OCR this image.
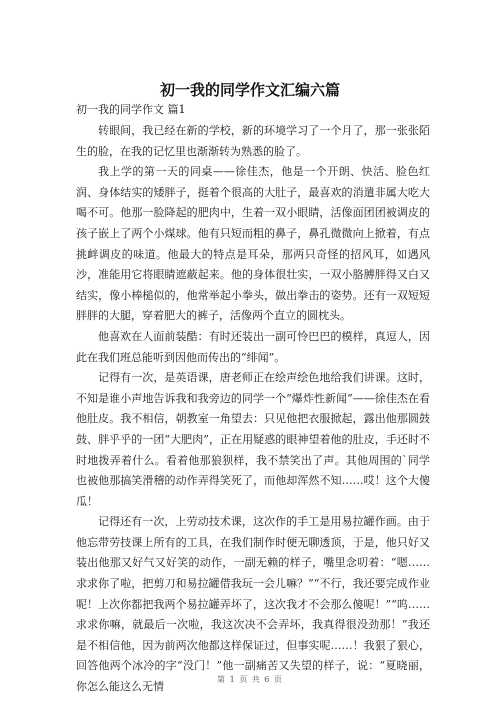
初一我的同学作文汇编六篇
初一我的同学作文 篇1

转眼间，我已经在新的学校，新的环境学习了一个月了，那一张张陌生的脸，在我的记忆里也渐渐转为熟悉的脸了。

我上学的第一天的同桌——徐佳杰，他是一个开朗、快活、脸色红润、身体结实的矮胖子，挺着个很高的大肚子，最喜欢的消遣非属大吃大喝不可。他那一脸降起的肥肉中，生着一双小眼睛，活像面团团被调皮的孩子嵌上了两个小煤球。他有只短而粗的鼻子，鼻孔微微向上掀着，有点挑衅调皮的味道。他最大的特点是耳朵，那两只奇怪的招风耳，如遇风沙，准能用它将眼睛遮蔽起来。他的身体很壮实，一双小胳膊胖得又白又结实，像小棒槌似的，他常举起小拳头，做出拳击的姿势。还有一双短短胖胖的大腿，穿着肥大的裤子，活像两个直立的圆枕头。

他喜欢在人面前装酷：有时还装出一副可怜巴巴的模样，真逗人，因此在我们班总能听到因他而传出的“绯闻”。

记得有一次，是英语课，唐老师正在绘声绘色地给我们讲课。这时，不知是谁小声地告诉我和我旁边的同学一个“爆炸性新闻”——徐佳杰在看他肚皮。我不相信，朝教室一角望去：只见他把衣服掀起，露出他那圆鼓鼓、胖乎乎的一团“大肥肉”，正在用疑惑的眼神望着他的肚皮，手还时不时地拨弄着什么。看着他那狼狈样，我不禁笑出了声。其他周围的`同学也被他那搞笑滑稽的动作弄得笑死了，而他却浑然不知……哎！这个大傻瓜！

记得还有一次，上劳动技术课，这次作的手工是用易拉罐作画。由于他忘带劳技课上所有的工具，在我们制作时便无聊透顶，于是，他只好又装出他那又好气又好笑的动作，一副无赖的样子，嘴里念叨着：“嗯……求求你了啦，把剪刀和易拉罐借我玩一会儿嘛？”“不行，我还要完成作业呢！上次你都把我两个易拉罐弄坏了，这次我才不会那么傻呢！”“呜……求求你嘛，就最后一次啦，我这次决不会弄坏，我真得很没劲那！”我还是不相信他，因为前两次他都这样保证过，但事实呢……！我狠了狠心，回答他两个冰冷的字“没门！”他一副痛苦又失望的样子，说：“夏晓丽，你怎么能这么无情

第 1 页 共 6 页
